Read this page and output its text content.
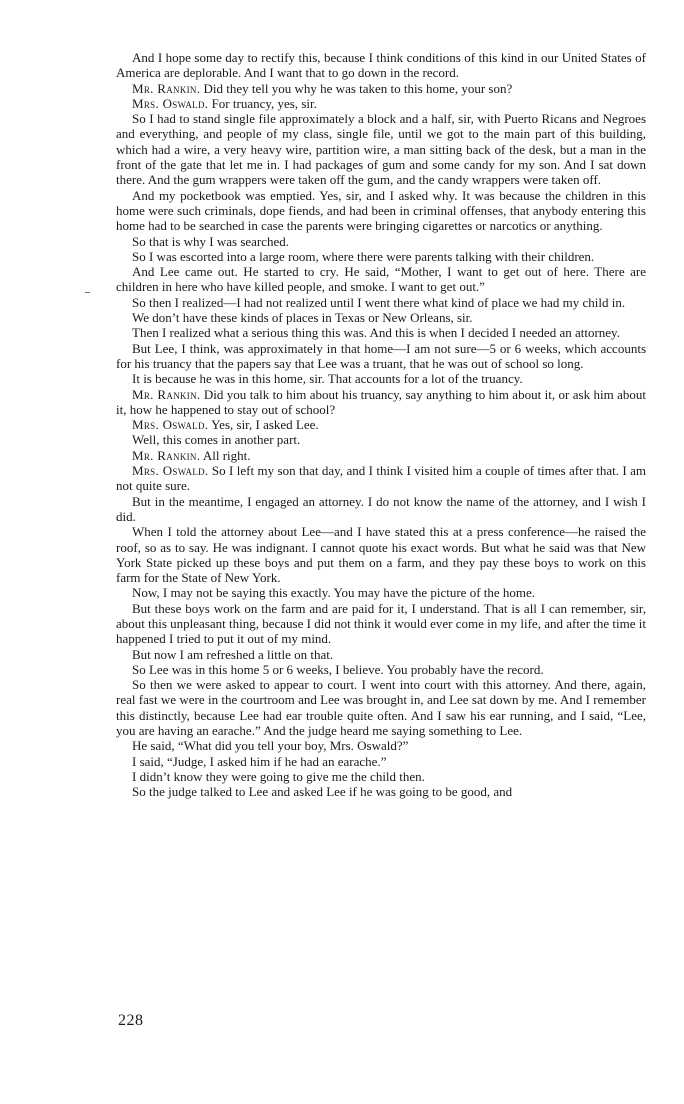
And I hope some day to rectify this, because I think conditions of this kind in our United States of America are deplorable. And I want that to go down in the record.

Mr. Rankin. Did they tell you why he was taken to this home, your son?

Mrs. Oswald. For truancy, yes, sir.

So I had to stand single file approximately a block and a half, sir, with Puerto Ricans and Negroes and everything, and people of my class, single file, until we got to the main part of this building, which had a wire, a very heavy wire, partition wire, a man sitting back of the desk, but a man in the front of the gate that let me in. I had packages of gum and some candy for my son. And I sat down there. And the gum wrappers were taken off the gum, and the candy wrappers were taken off.

And my pocketbook was emptied. Yes, sir, and I asked why. It was because the children in this home were such criminals, dope fiends, and had been in criminal offenses, that anybody entering this home had to be searched in case the parents were bringing cigarettes or narcotics or anything.

So that is why I was searched.

So I was escorted into a large room, where there were parents talking with their children.

And Lee came out. He started to cry. He said, “Mother, I want to get out of here. There are children in here who have killed people, and smoke. I want to get out.”

So then I realized—I had not realized until I went there what kind of place we had my child in.

We don’t have these kinds of places in Texas or New Orleans, sir.

Then I realized what a serious thing this was. And this is when I decided I needed an attorney.

But Lee, I think, was approximately in that home—I am not sure—5 or 6 weeks, which accounts for his truancy that the papers say that Lee was a truant, that he was out of school so long.

It is because he was in this home, sir. That accounts for a lot of the truancy.

Mr. Rankin. Did you talk to him about his truancy, say anything to him about it, or ask him about it, how he happened to stay out of school?

Mrs. Oswald. Yes, sir, I asked Lee.

Well, this comes in another part.

Mr. Rankin. All right.

Mrs. Oswald. So I left my son that day, and I think I visited him a couple of times after that. I am not quite sure.

But in the meantime, I engaged an attorney. I do not know the name of the attorney, and I wish I did.

When I told the attorney about Lee—and I have stated this at a press conference—he raised the roof, so as to say. He was indignant. I cannot quote his exact words. But what he said was that New York State picked up these boys and put them on a farm, and they pay these boys to work on this farm for the State of New York.

Now, I may not be saying this exactly. You may have the picture of the home.

But these boys work on the farm and are paid for it, I understand. That is all I can remember, sir, about this unpleasant thing, because I did not think it would ever come in my life, and after the time it happened I tried to put it out of my mind.

But now I am refreshed a little on that.

So Lee was in this home 5 or 6 weeks, I believe. You probably have the record.

So then we were asked to appear to court. I went into court with this attorney. And there, again, real fast we were in the courtroom and Lee was brought in, and Lee sat down by me. And I remember this distinctly, because Lee had ear trouble quite often. And I saw his ear running, and I said, “Lee, you are having an earache.” And the judge heard me saying something to Lee.

He said, “What did you tell your boy, Mrs. Oswald?”

I said, “Judge, I asked him if he had an earache.”

I didn’t know they were going to give me the child then.

So the judge talked to Lee and asked Lee if he was going to be good, and

228
